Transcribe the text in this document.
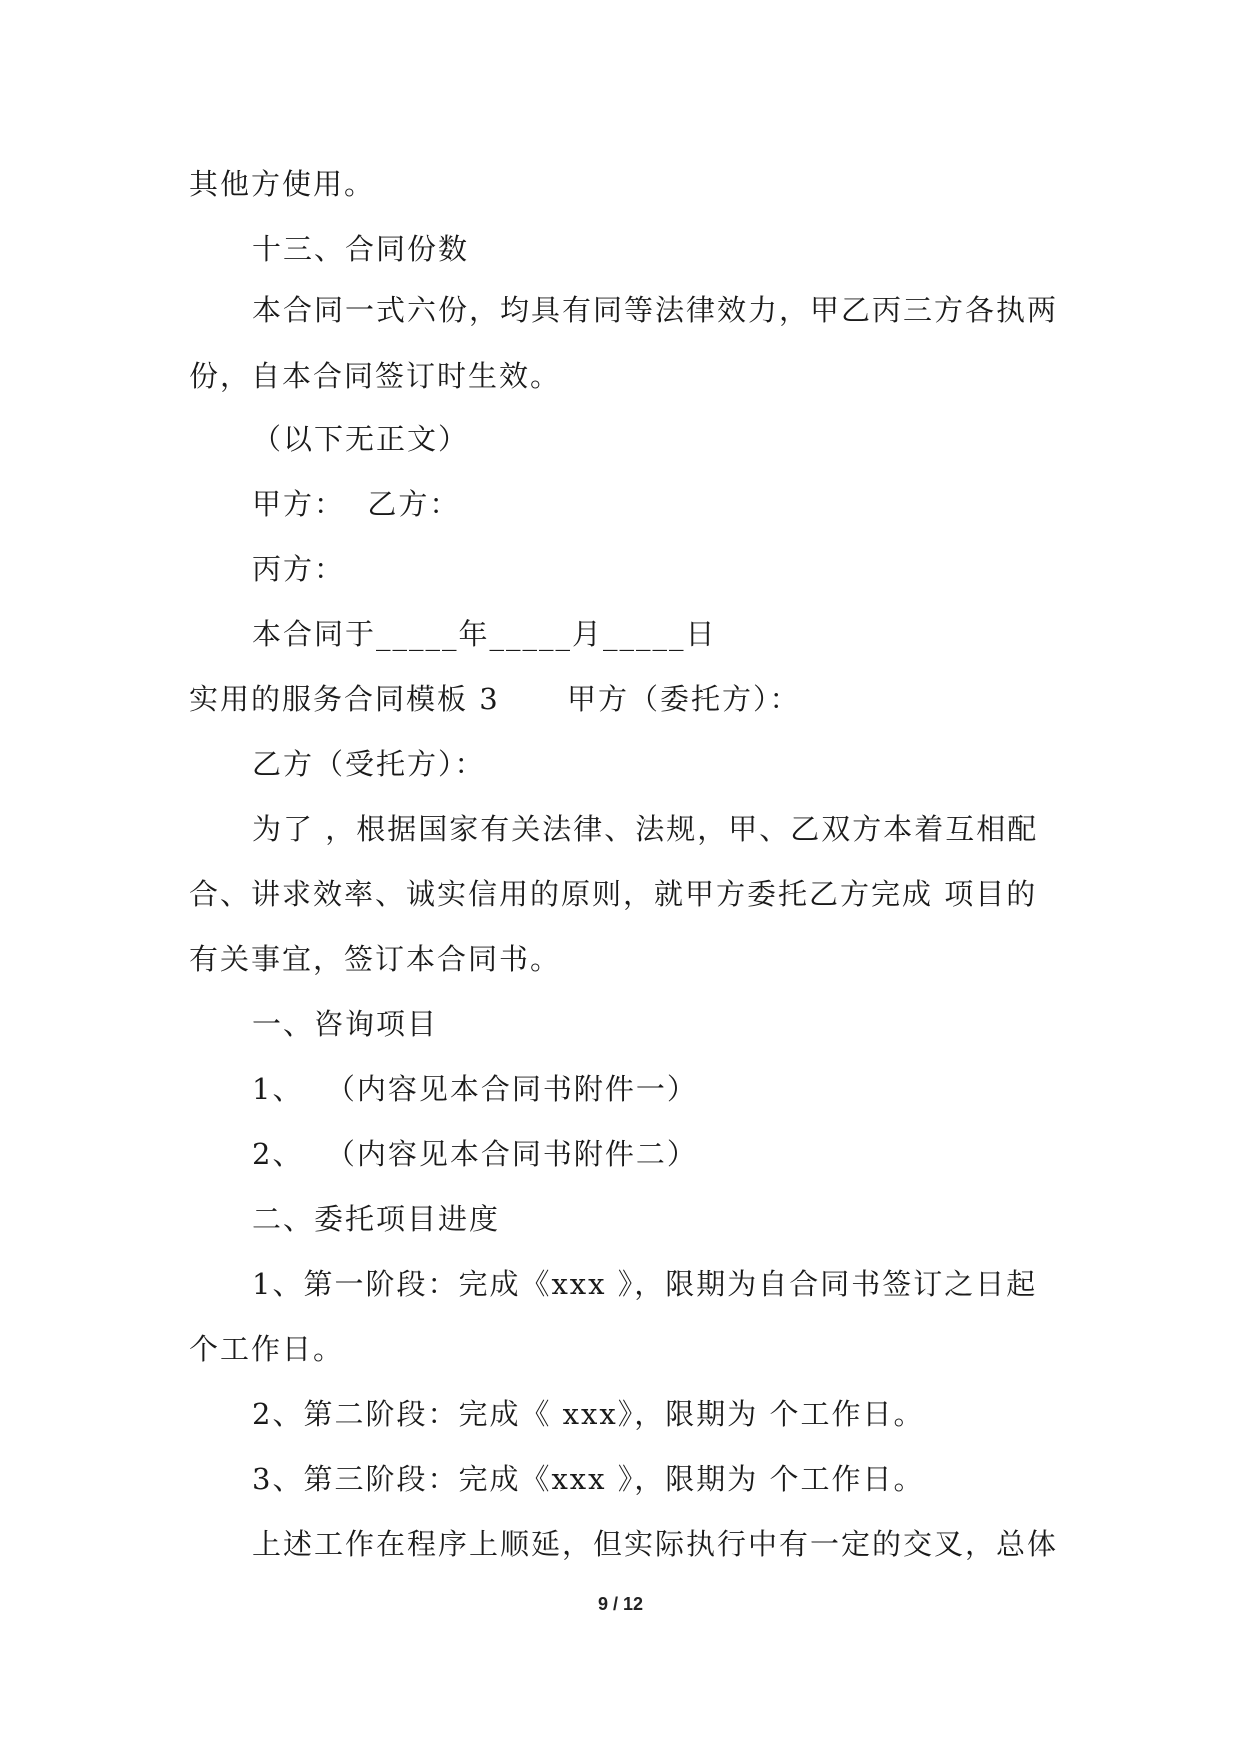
其他方使用。
十三、合同份数
本合同一式六份，均具有同等法律效力，甲乙丙三方各执两
份，自本合同签订时生效。
（以下无正文）
甲方：  乙方：
丙方：
本合同于_____年_____月_____日
实用的服务合同模板 3      甲方（委托方）：
乙方（受托方）：
为了 ，根据国家有关法律、法规，甲、乙双方本着互相配
合、讲求效率、诚实信用的原则，就甲方委托乙方完成 项目的
有关事宜，签订本合同书。
一、咨询项目
1、  （内容见本合同书附件一）
2、  （内容见本合同书附件二）
二、委托项目进度
1、第一阶段：完成《xxx 》，限期为自合同书签订之日起
个工作日。
2、第二阶段：完成《 xxx》，限期为 个工作日。
3、第三阶段：完成《xxx 》，限期为 个工作日。
上述工作在程序上顺延，但实际执行中有一定的交叉，总体
9 / 12
